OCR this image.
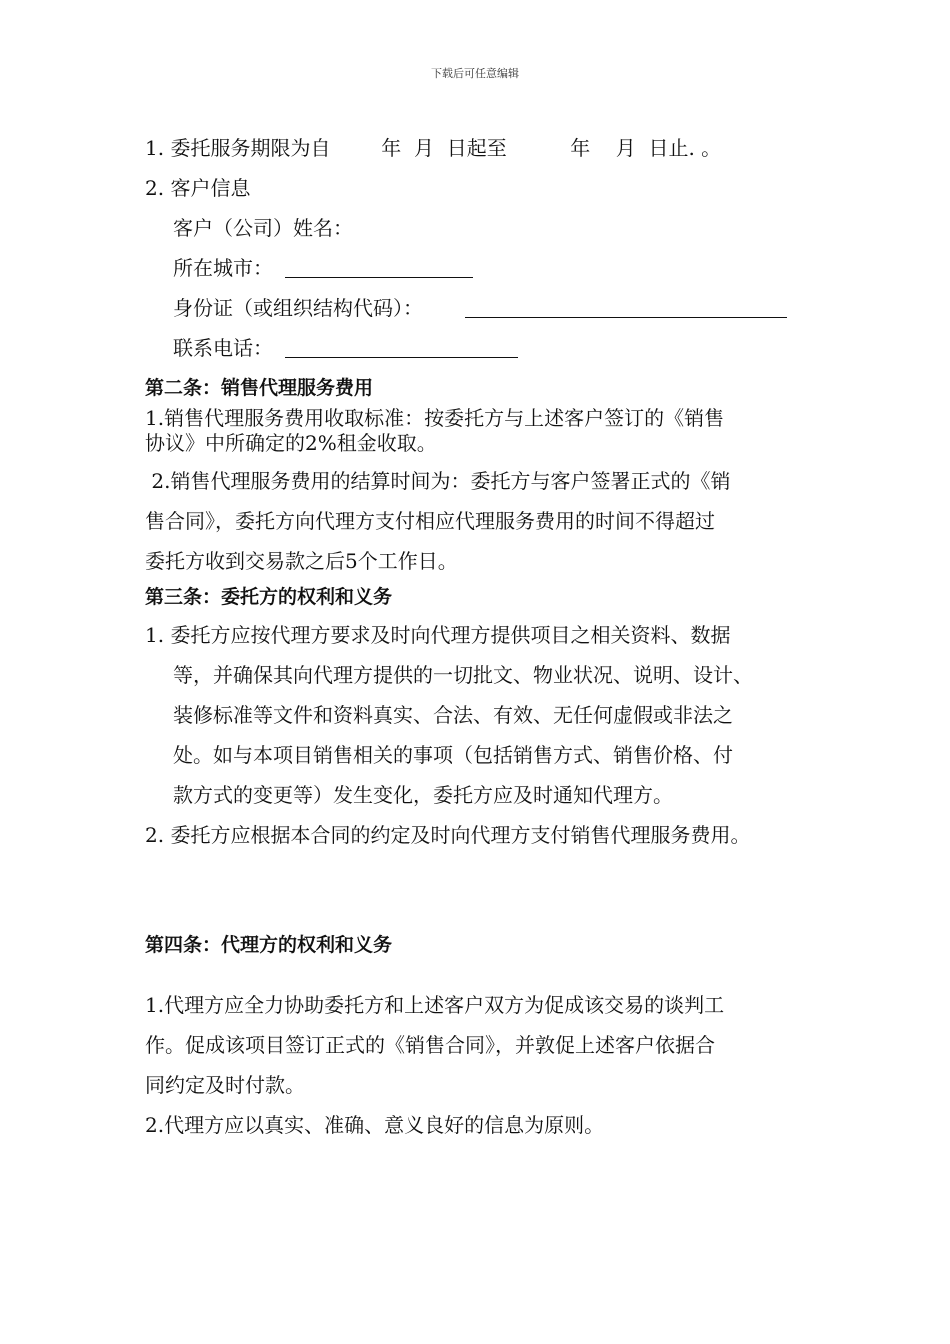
下载后可任意编辑
1. 委托服务期限为自        年  月  日起至          年    月  日止. 。
2. 客户信息
客户（公司）姓名：
所在城市：
身份证（或组织结构代码）：
联系电话：
第二条：销售代理服务费用
1.销售代理服务费用收取标准：按委托方与上述客户签订的《销售
协议》中所确定的2%租金收取。
2.销售代理服务费用的结算时间为：委托方与客户签署正式的《销
售合同》，委托方向代理方支付相应代理服务费用的时间不得超过
委托方收到交易款之后5个工作日。
第三条：委托方的权利和义务
1. 委托方应按代理方要求及时向代理方提供项目之相关资料、数据
等，并确保其向代理方提供的一切批文、物业状况、说明、设计、
装修标准等文件和资料真实、合法、有效、无任何虚假或非法之
处。如与本项目销售相关的事项（包括销售方式、销售价格、付
款方式的变更等）发生变化，委托方应及时通知代理方。
2. 委托方应根据本合同的约定及时向代理方支付销售代理服务费用。
第四条：代理方的权利和义务
1.代理方应全力协助委托方和上述客户双方为促成该交易的谈判工
作。促成该项目签订正式的《销售合同》，并敦促上述客户依据合
同约定及时付款。
2.代理方应以真实、准确、意义良好的信息为原则。
